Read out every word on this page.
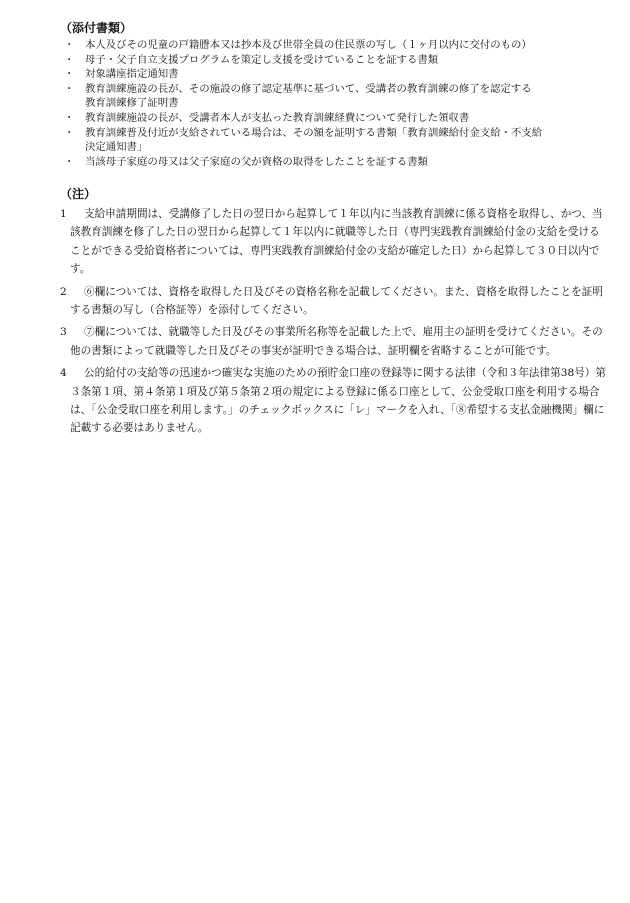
（添付書類）
・ 本人及びその児童の戸籍謄本又は抄本及び世帯全員の住民票の写し（１ヶ月以内に交付のもの）
・ 母子・父子自立支援プログラムを策定し支援を受けていることを証する書類
・ 対象講座指定通知書
・ 教育訓練施設の長が、その施設の修了認定基準に基づいて、受講者の教育訓練の修了を認定する
教育訓練修了証明書
・ 教育訓練施設の長が、受講者本人が支払った教育訓練経費について発行した領収書
・ 教育訓練普及付近が支給されている場合は、その額を証明する書類「教育訓練給付金支給・不支給
決定通知書」
・ 当該母子家庭の母又は父子家庭の父が資格の取得をしたことを証する書類
（注）
1	支給申請期間は、受講修了した日の翌日から起算して１年以内に当該教育訓練に係る資格を取得し、かつ、当該教育訓練を修了した日の翌日から起算して１年以内に就職等した日（専門実践教育訓練給付金の支給を受けることができる受給資格者については、専門実践教育訓練給付金の支給が確定した日）から起算して３０日以内です。
2	⑥欄については、資格を取得した日及びその資格名称を記載してください。また、資格を取得したことを証明する書類の写し（合格証等）を添付してください。
3	⑦欄については、就職等した日及びその事業所名称等を記載した上で、雇用主の証明を受けてください。その他の書類によって就職等した日及びその事実が証明できる場合は、証明欄を省略することが可能です。
4	公的給付の支給等の迅速かつ確実な実施のための預貯金口座の登録等に関する法律（令和３年法律第38号）第３条第１項、第４条第１項及び第５条第２項の規定による登録に係る口座として、公金受取口座を利用する場合は、「公金受取口座を利用します。」のチェックボックスに「レ」マークを入れ、「⑧希望する支払金融機関」欄に記載する必要はありません。
